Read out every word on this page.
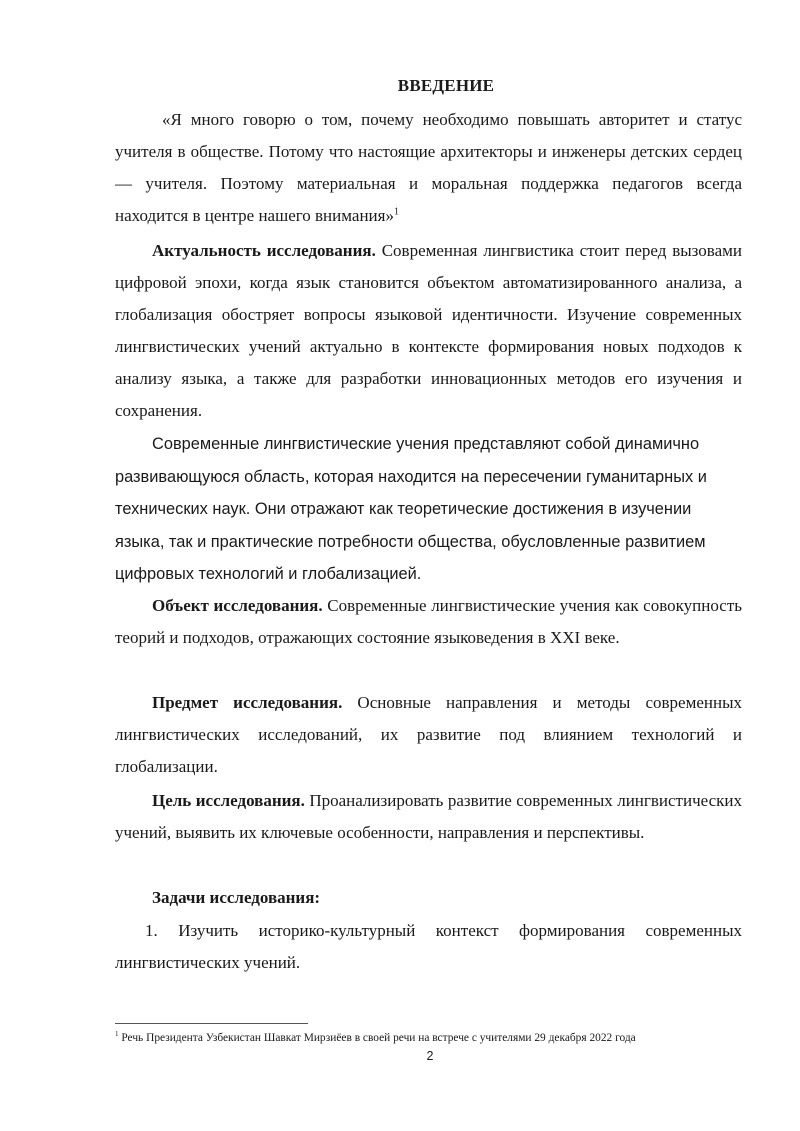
ВВЕДЕНИЕ

«Я много говорю о том, почему необходимо повышать авторитет и статус учителя в обществе. Потому что настоящие архитекторы и инженеры детских сердец — учителя. Поэтому материальная и моральная поддержка педагогов всегда находится в центре нашего внимания»$^1$

Актуальность исследования. Современная лингвистика стоит перед вызовами цифровой эпохи, когда язык становится объектом автоматизированного анализа, а глобализация обостряет вопросы языковой идентичности. Изучение современных лингвистических учений актуально в контексте формирования новых подходов к анализу языка, а также для разработки инновационных методов его изучения и сохранения.

Современные лингвистические учения представляют собой динамично развивающуюся область, которая находится на пересечении гуманитарных и технических наук. Они отражают как теоретические достижения в изучении языка, так и практические потребности общества, обусловленные развитием цифровых технологий и глобализацией.

Объект исследования. Современные лингвистические учения как совокупность теорий и подходов, отражающих состояние языковедения в XXI веке.

Предмет исследования. Основные направления и методы современных лингвистических исследований, их развитие под влиянием технологий и глобализации.

Цель исследования. Проанализировать развитие современных лингвистических учений, выявить их ключевые особенности, направления и перспективы.

Задачи исследования:

1. Изучить историко-культурный контекст формирования современных лингвистических учений.

$^1$ Речь Президента Узбекистан Шавкат Мирзиёев в своей речи на встрече с учителями 29 декабря 2022 года
2
